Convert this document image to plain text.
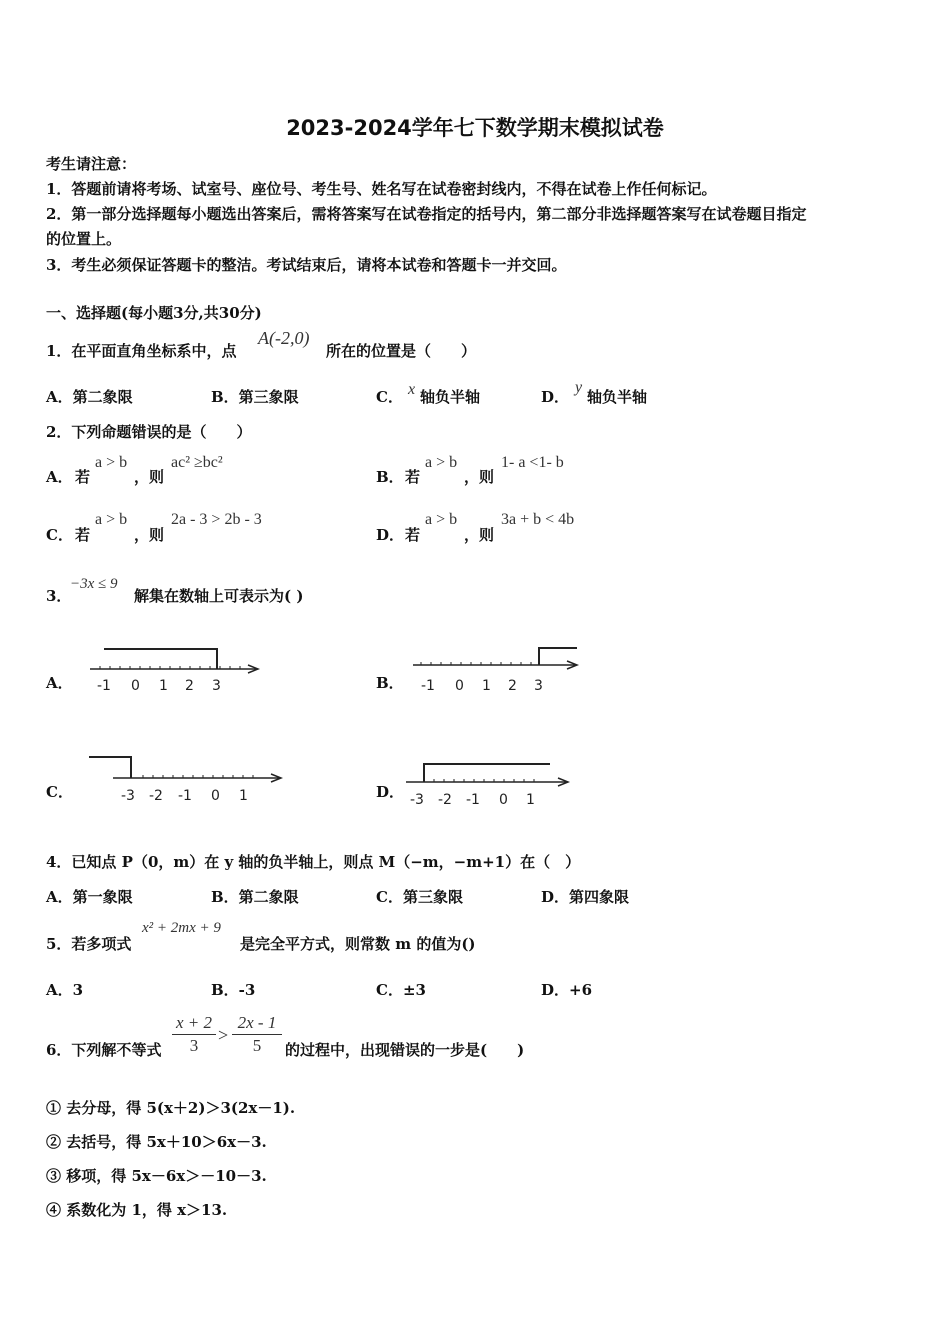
2023-2024学年七下数学期末模拟试卷
考生请注意：
1．答题前请将考场、试室号、座位号、考生号、姓名写在试卷密封线内，不得在试卷上作任何标记。
2．第一部分选择题每小题选出答案后，需将答案写在试卷指定的括号内，第二部分非选择题答案写在试卷题目指定
的位置上。
3．考生必须保证答题卡的整洁。考试结束后，请将本试卷和答题卡一并交回。
一、选择题(每小题3分,共30分)
1．在平面直角坐标系中，点
A(-2,0)
所在的位置是（　　）
A．第二象限	B．第三象限	C． x 轴负半轴	D．
y
轴负半轴
2．下列命题错误的是（　　）
A． 若
a > b
，则
ac² ≥bc²
B． 若
a > b
，则
1- a <1- b
C． 若
a > b
，则
2a - 3 > 2b - 3
D． 若
a > b
，则
3a + b < 4b
3．
−3x ≤ 9
解集在数轴上可表示为( )
A． -1 0 1 2 3	B． -1 0 1 2 3
C．	-3 -2 -1 0 1	D． -3 -2 -1 0 1
4．已知点 P（0，m）在 y 轴的负半轴上，则点 M（−m，−m+1）在（　）
A．第一象限	B．第二象限	C．第三象限	D．第四象限
5．若多项式
x² + 2mx + 9
是完全平方式，则常数 m 的值为()
A．3	B．-3	C．±3	D．+6
6．下列解不等式
x + 2
3
>
2x - 1
5	的过程中，出现错误的一步是(　　)
① 去分母，得 5(x＋2)＞3(2x－1).
② 去括号，得 5x＋10＞6x－3.
③ 移项，得 5x－6x＞－10－3.
④ 系数化为 1，得 x＞13.
